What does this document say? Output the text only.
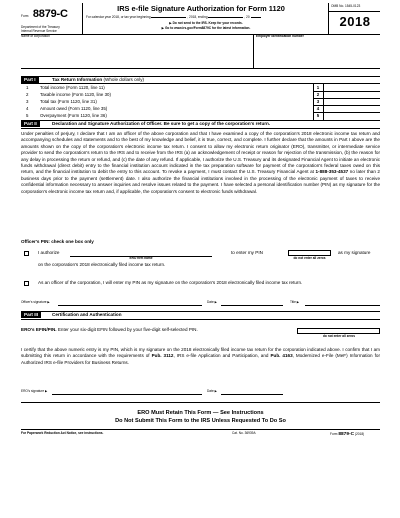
Form 8879-C
Department of the Treasury
Internal Revenue Service
IRS e-file Signature Authorization for Form 1120
For calendar year 2018, or tax year beginning	, 2018, ending	, 20
▶ Do not send to the IRS. Keep for your records.
▶ Go to www.irs.gov/Form8879C for the latest information.
OMB No. 1545-0123
2018
Name of corporation	Employer identification number
Part I	Tax Return Information (Whole dollars only)
1	Total income (Form 1120, line 11)
2	Taxable income (Form 1120, line 30)
3	Total tax (Form 1120, line 31)
4	Amount owed (Form 1120, line 35)
5	Overpayment (Form 1120, line 36)
1
2
3
4
5
Part II	Declaration and Signature Authorization of Officer. Be sure to get a copy of the corporation's return.
Under penalties of perjury, I declare that I am an officer of the above corporation and that I have examined a copy of the corporation's 2018 electronic income tax return and accompanying schedules and statements and to the best of my knowledge and belief, it is true, correct, and complete. I further declare that the amounts in Part I above are the amounts shown on the copy of the corporation's electronic income tax return. I consent to allow my electronic return originator (ERO), transmitter, or intermediate service provider to send the corporation's return to the IRS and to receive from the IRS (a) an acknowledgement of receipt or reason for rejection of the transmission, (b) the reason for any delay in processing the return or refund, and (c) the date of any refund. If applicable, I authorize the U.S. Treasury and its designated Financial Agent to initiate an electronic funds withdrawal (direct debit) entry to the financial institution account indicated in the tax preparation software for payment of the corporation's federal taxes owed on this return, and the financial institution to debit the entry to this account. To revoke a payment, I must contact the U.S. Treasury Financial Agent at 1-888-353-4537 no later than 2 business days prior to the payment (settlement) date. I also authorize the financial institutions involved in the processing of the electronic payment of taxes to receive confidential information necessary to answer inquiries and resolve issues related to the payment. I have selected a personal identification number (PIN) as my signature for the corporation's electronic income tax return and, if applicable, the corporation's consent to electronic funds withdrawal.
Officer's PIN: check one box only
I authorize
ERO firm name
to enter my PIN
do not enter all zeros
as my signature
on the corporation's 2018 electronically filed income tax return.
As an officer of the corporation, I will enter my PIN as my signature on the corporation's 2018 electronically filed income tax return.
Officer's signature ▶	Date ▶	Title ▶
Part III	Certification and Authentication
ERO's EFIN/PIN. Enter your six-digit EFIN followed by your five-digit self-selected PIN.
do not enter all zeros
I certify that the above numeric entry is my PIN, which is my signature on the 2018 electronically filed income tax return for the corporation indicated above. I confirm that I am submitting this return in accordance with the requirements of Pub. 3112, IRS e-file Application and Participation, and Pub. 4163, Modernized e-File (MeF) Information for Authorized IRS e-file Providers for Business Returns.
ERO's signature ▶	Date ▶
ERO Must Retain This Form — See Instructions
Do Not Submit This Form to the IRS Unless Requested To Do So
For Paperwork Reduction Act Notice, see instructions.	Cat. No. 36939A	Form 8879-C (2018)
